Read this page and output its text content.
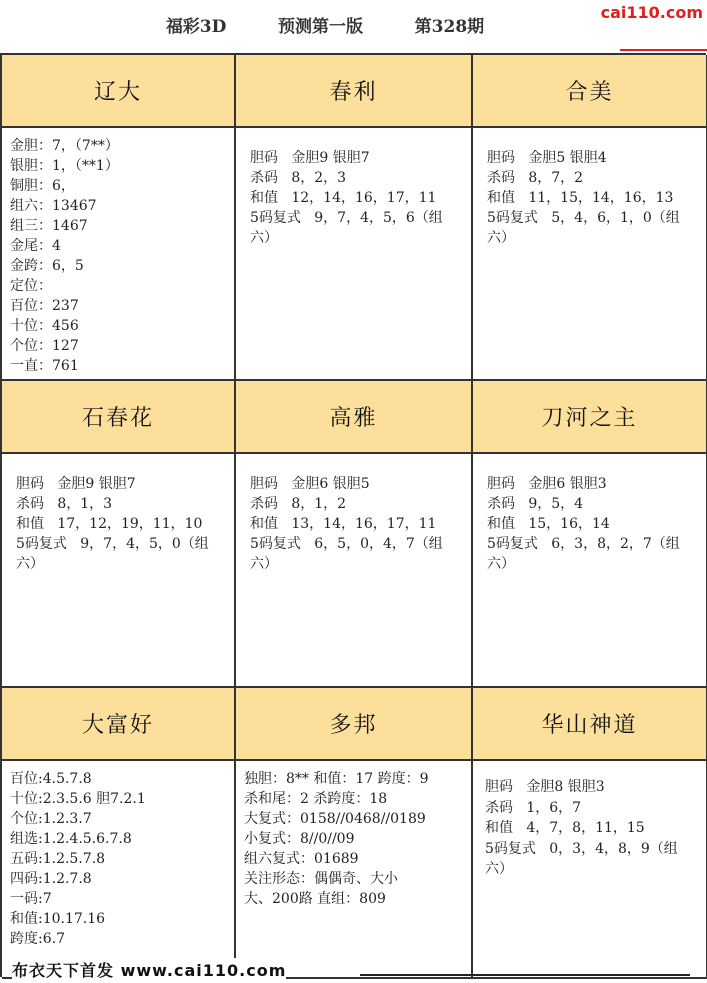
福彩3D	预测第一版	第328期
cai110.com
辽大	春利	合美
金胆：7，（7**）
银胆：1，（**1）
铜胆：6，
组六：13467
组三：1467
金尾：4
金跨：6，5
定位：
百位：237
十位：456
个位：127
一直：761
胆码   金胆9 银胆7
杀码   8，2，3
和值   12，14，16，17，11
5码复式   9，7，4，5，6（组
六）
胆码   金胆5 银胆4
杀码   8，7，2
和值   11，15，14，16，13
5码复式   5，4，6，1，0（组
六）
石春花	高雅	刀河之主
胆码   金胆9 银胆7
杀码   8，1，3
和值   17，12，19，11，10
5码复式   9，7，4，5，0（组
六）
胆码   金胆6 银胆5
杀码   8，1，2
和值   13，14，16，17，11
5码复式   6，5，0，4，7（组
六）
胆码   金胆6 银胆3
杀码   9，5，4
和值   15，16，14
5码复式   6，3，8，2，7（组
六）
大富好	多邦	华山神道
百位:4.5.7.8
十位:2.3.5.6 胆7.2.1
个位:1.2.3.7
组选:1.2.4.5.6.7.8
五码:1.2.5.7.8
四码:1.2.7.8
一码:7
和值:10.17.16
跨度:6.7
独胆：8** 和值：17 跨度：9
杀和尾：2 杀跨度：18
大复式：0158//0468//0189
小复式：8//0//09
组六复式：01689
关注形态：偶偶奇、大小
大、200路 直组：809
胆码   金胆8 银胆3
杀码   1，6，7
和值   4，7，8，11，15
5码复式   0，3，4，8，9（组
六）
布衣天下首发 www.cai110.com
